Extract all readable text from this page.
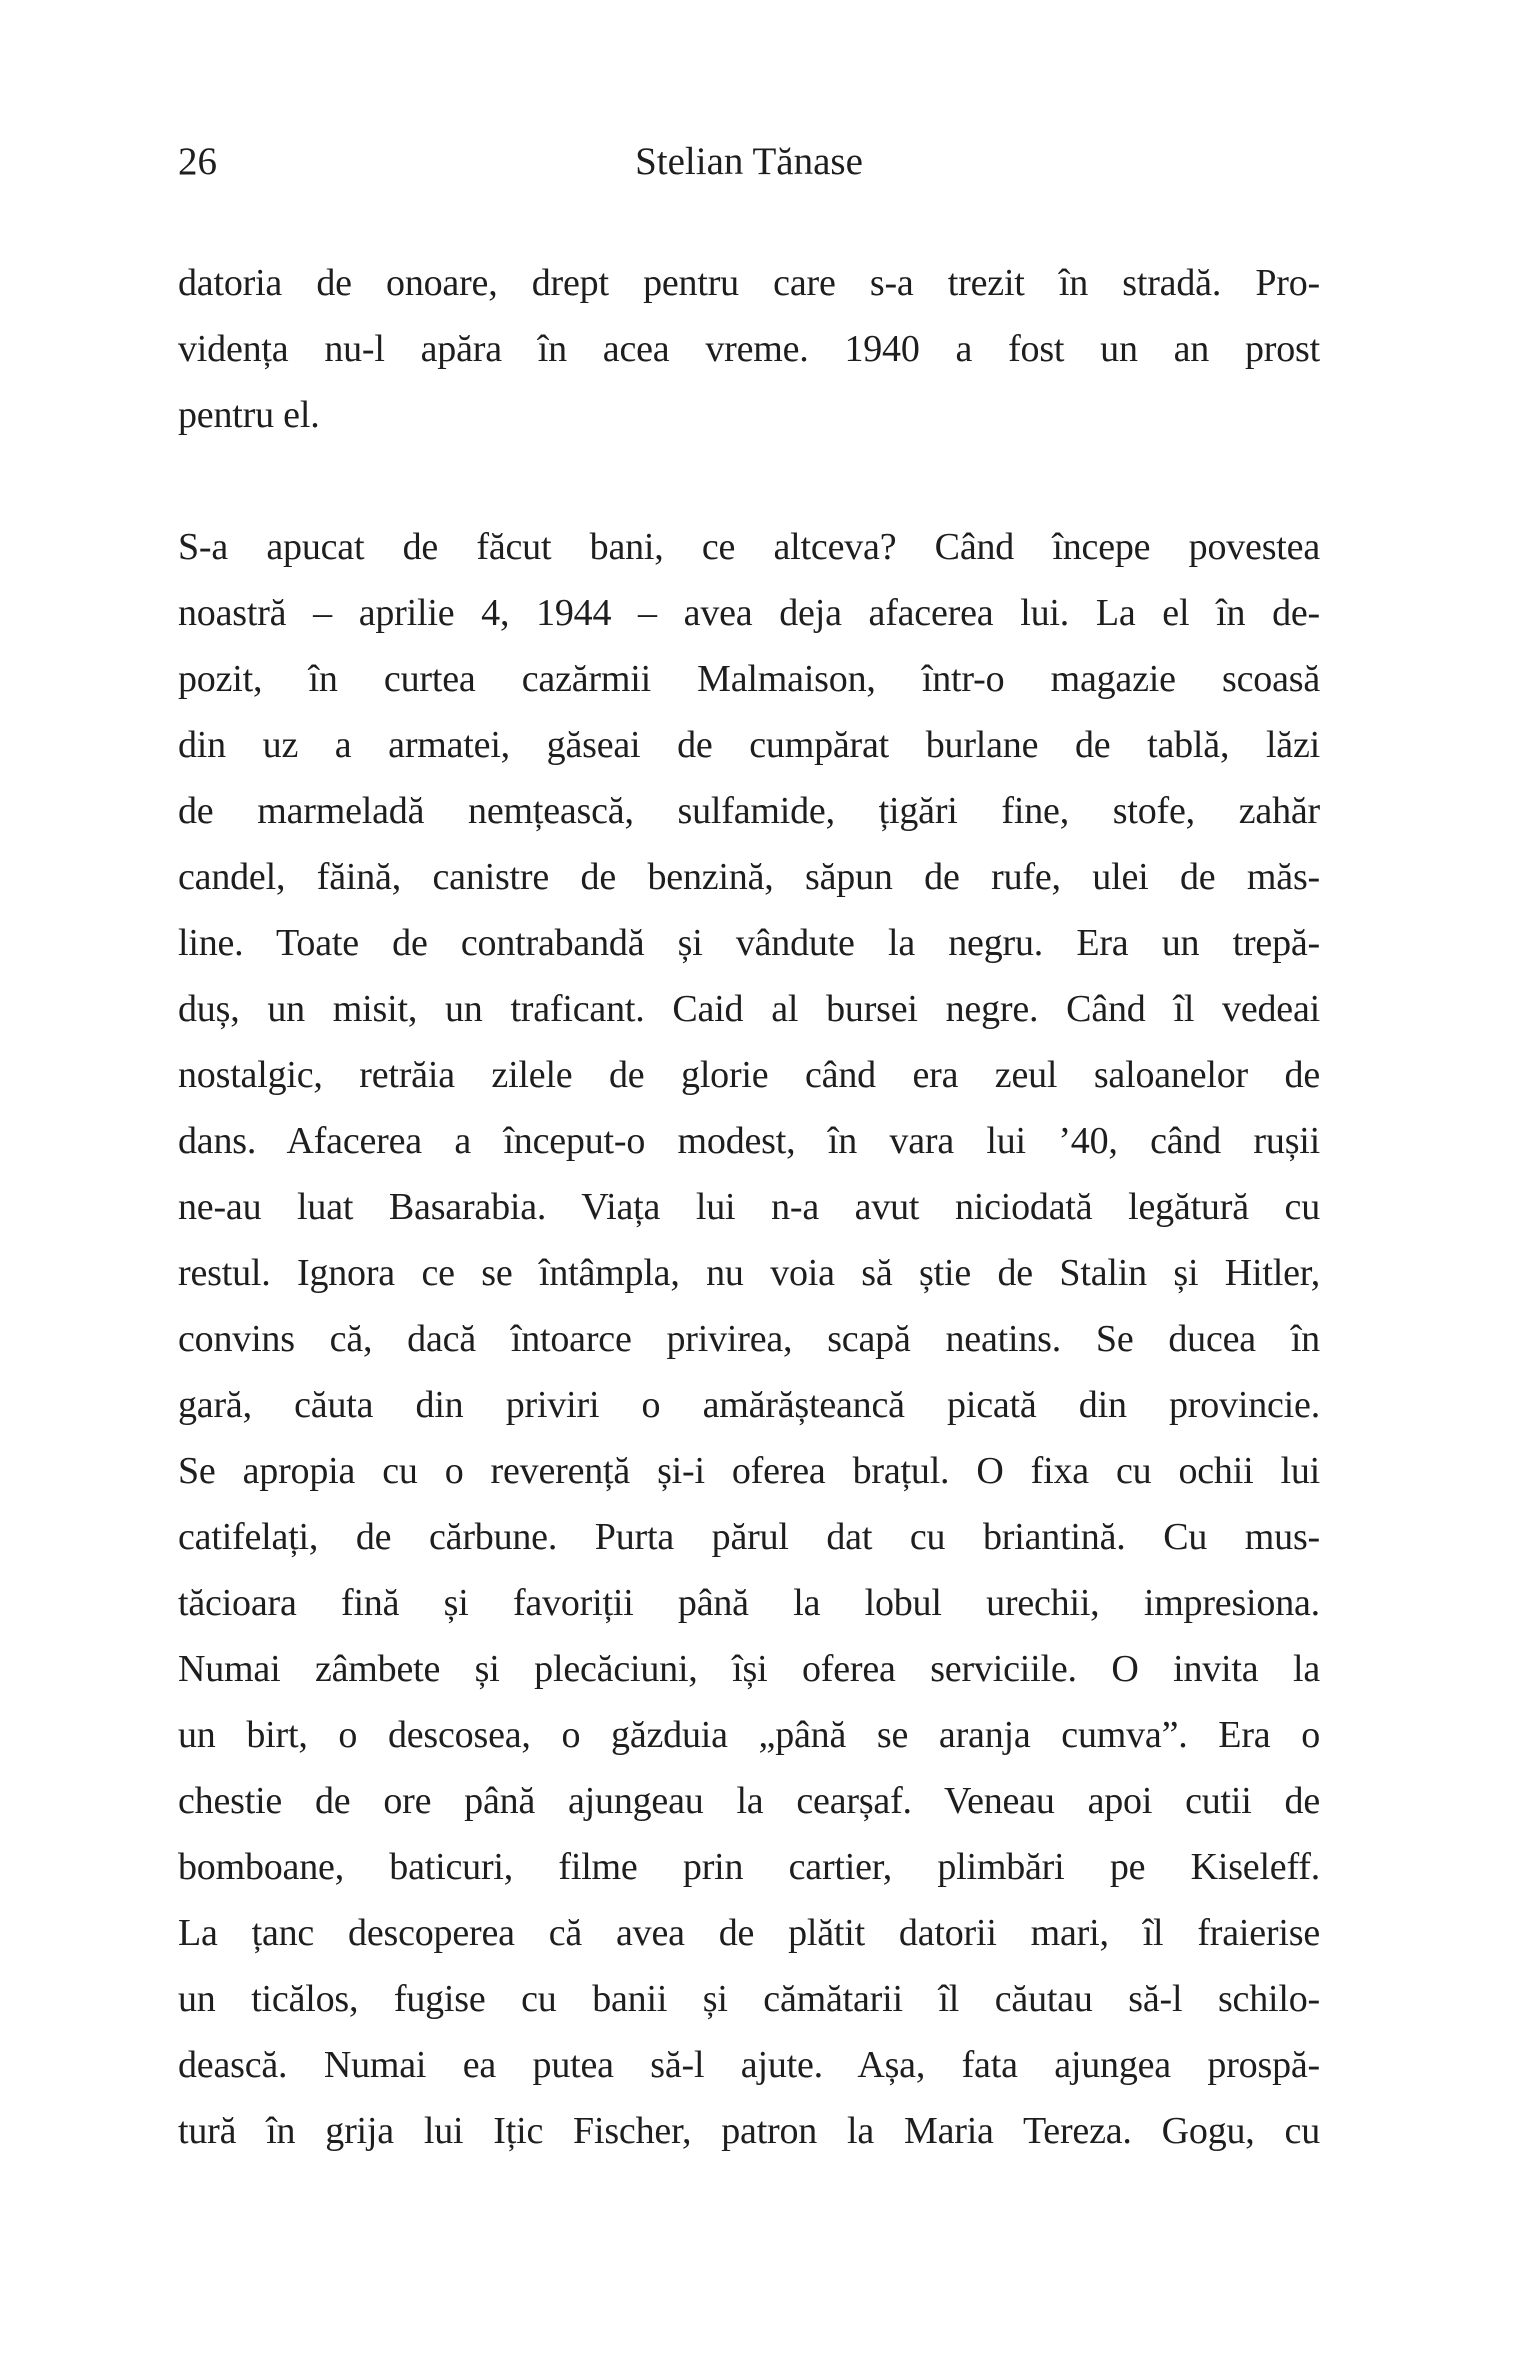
26	Stelian Tănase
datoria de onoare, drept pentru care s-a trezit în stradă. Pro-
vidența nu-l apăra în acea vreme. 1940 a fost un an prost
pentru el.
S-a apucat de făcut bani, ce altceva? Când începe povestea
noastră – aprilie 4, 1944 – avea deja afacerea lui. La el în de-
pozit, în curtea cazărmii Malmaison, într-o magazie scoasă
din uz a armatei, găseai de cumpărat burlane de tablă, lăzi
de marmeladă nemțească, sulfamide, țigări fine, stofe, zahăr
candel, făină, canistre de benzină, săpun de rufe, ulei de măs-
line. Toate de contrabandă și vândute la negru. Era un trepă-
duș, un misit, un traficant. Caid al bursei negre. Când îl vedeai
nostalgic, retrăia zilele de glorie când era zeul saloanelor de
dans. Afacerea a început-o modest, în vara lui ’40, când rușii
ne-au luat Basarabia. Viața lui n-a avut niciodată legătură cu
restul. Ignora ce se întâmpla, nu voia să știe de Stalin și Hitler,
convins că, dacă întoarce privirea, scapă neatins. Se ducea în
gară, căuta din priviri o amărășteancă picată din provincie.
Se apropia cu o reverență și-i oferea brațul. O fixa cu ochii lui
catifelați, de cărbune. Purta părul dat cu briantină. Cu mus-
tăcioara fină și favoriții până la lobul urechii, impresiona.
Numai zâmbete și plecăciuni, își oferea serviciile. O invita la
un birt, o descosea, o găzduia „până se aranja cumva”. Era o
chestie de ore până ajungeau la cearșaf. Veneau apoi cutii de
bomboane, baticuri, filme prin cartier, plimbări pe Kiseleff.
La țanc descoperea că avea de plătit datorii mari, îl fraierise
un ticălos, fugise cu banii și cămătarii îl căutau să-l schilo-
dească. Numai ea putea să-l ajute. Așa, fata ajungea prospă-
tură în grija lui Ițic Fischer, patron la Maria Tereza. Gogu, cu
